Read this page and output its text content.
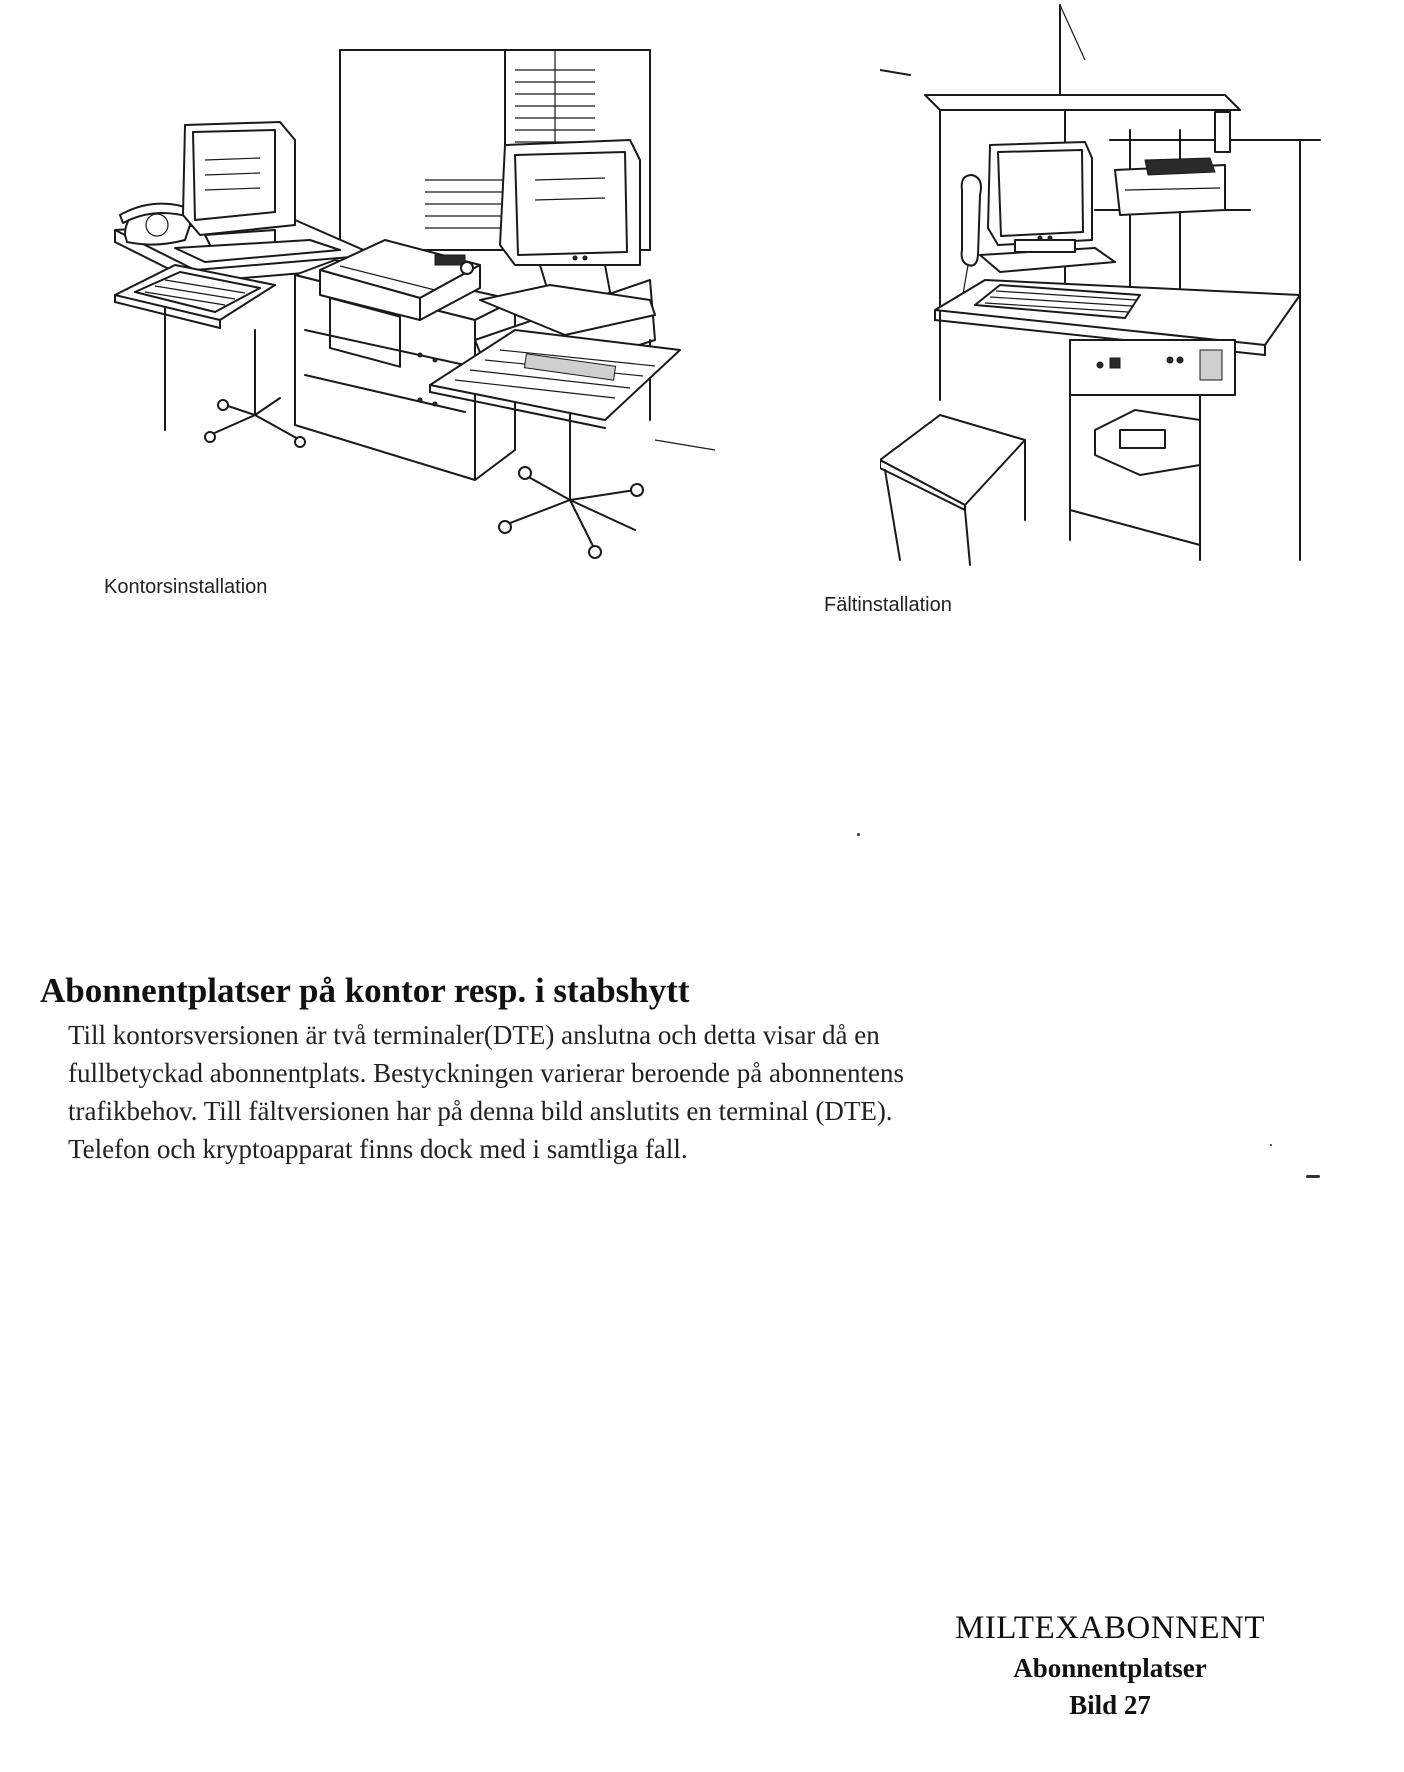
Kontorsinstallation
Fältinstallation
Abonnentplatser på kontor resp. i stabshytt
Till kontorsversionen är två terminaler(DTE) anslutna och detta visar då en
fullbetyckad abonnentplats. Bestyckningen varierar beroende på abonnentens
trafikbehov. Till fältversionen har på denna bild anslutits en terminal (DTE).
Telefon och kryptoapparat finns dock med i samtliga fall.
MILTEXABONNENT
Abonnentplatser
Bild 27
